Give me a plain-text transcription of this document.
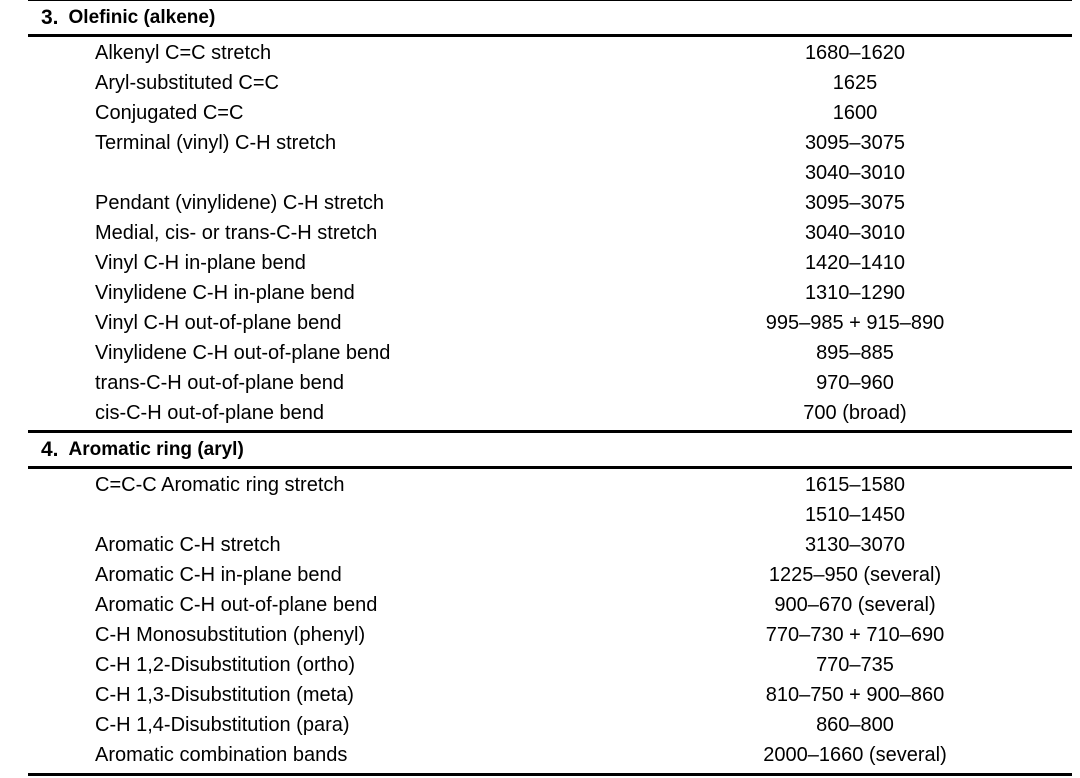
3. Olefinic (alkene)
Alkenyl C=C stretch	1680–1620
Aryl-substituted C=C	1625
Conjugated C=C	1600
Terminal (vinyl) C-H stretch	3095–3075
3040–3010
Pendant (vinylidene) C-H stretch	3095–3075
Medial, cis- or trans-C-H stretch	3040–3010
Vinyl C-H in-plane bend	1420–1410
Vinylidene C-H in-plane bend	1310–1290
Vinyl C-H out-of-plane bend	995–985 + 915–890
Vinylidene C-H out-of-plane bend	895–885
trans-C-H out-of-plane bend	970–960
cis-C-H out-of-plane bend	700 (broad)
4. Aromatic ring (aryl)
C=C-C Aromatic ring stretch	1615–1580
1510–1450
Aromatic C-H stretch	3130–3070
Aromatic C-H in-plane bend	1225–950 (several)
Aromatic C-H out-of-plane bend	900–670 (several)
C-H Monosubstitution (phenyl)	770–730 + 710–690
C-H 1,2-Disubstitution (ortho)	770–735
C-H 1,3-Disubstitution (meta)	810–750 + 900–860
C-H 1,4-Disubstitution (para)	860–800
Aromatic combination bands	2000–1660 (several)
